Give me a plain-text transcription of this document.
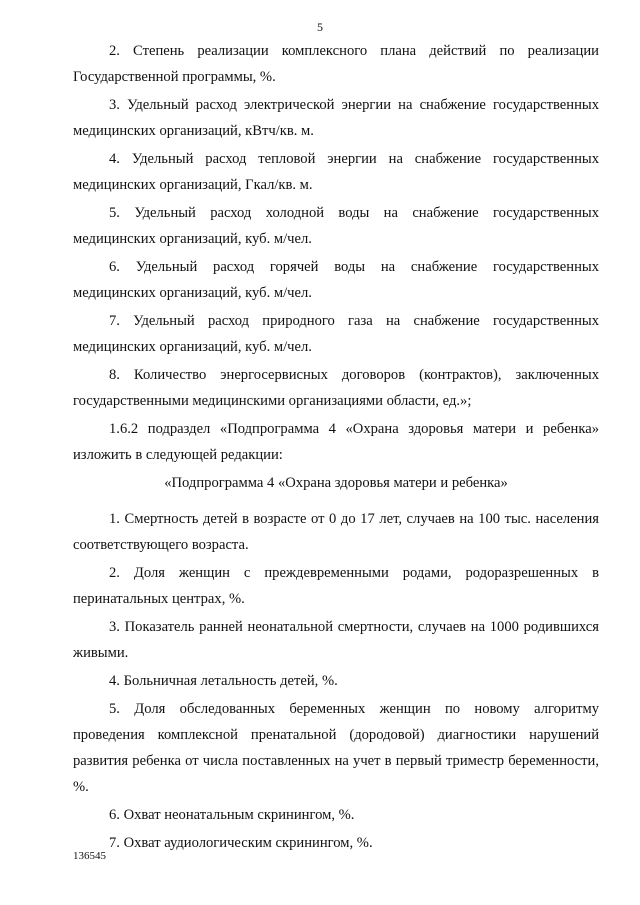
5

2. Степень реализации комплексного плана действий по реализации Государственной программы, %.

3. Удельный расход электрической энергии на снабжение государственных медицинских организаций, кВтч/кв. м.

4. Удельный расход тепловой энергии на снабжение государственных медицинских организаций, Гкал/кв. м.

5. Удельный расход холодной воды на снабжение государственных медицинских организаций, куб. м/чел.

6. Удельный расход горячей воды на снабжение государственных медицинских организаций, куб. м/чел.

7. Удельный расход природного газа на снабжение государственных медицинских организаций, куб. м/чел.

8. Количество энергосервисных договоров (контрактов), заключенных государственными медицинскими организациями области, ед.»;

1.6.2 подраздел «Подпрограмма 4 «Охрана здоровья матери и ребенка» изложить в следующей редакции:

«Подпрограмма 4 «Охрана здоровья матери и ребенка»

1. Смертность детей в возрасте от 0 до 17 лет, случаев на 100 тыс. населения соответствующего возраста.

2. Доля женщин с преждевременными родами, родоразрешенных в перинатальных центрах, %.

3. Показатель ранней неонатальной смертности, случаев на 1000 родившихся живыми.

4. Больничная летальность детей, %.

5. Доля обследованных беременных женщин по новому алгоритму проведения комплексной пренатальной (дородовой) диагностики нарушений развития ребенка от числа поставленных на учет в первый триместр беременности, %.

6. Охват неонатальным скринингом, %.

7. Охват аудиологическим скринингом, %.

136545
